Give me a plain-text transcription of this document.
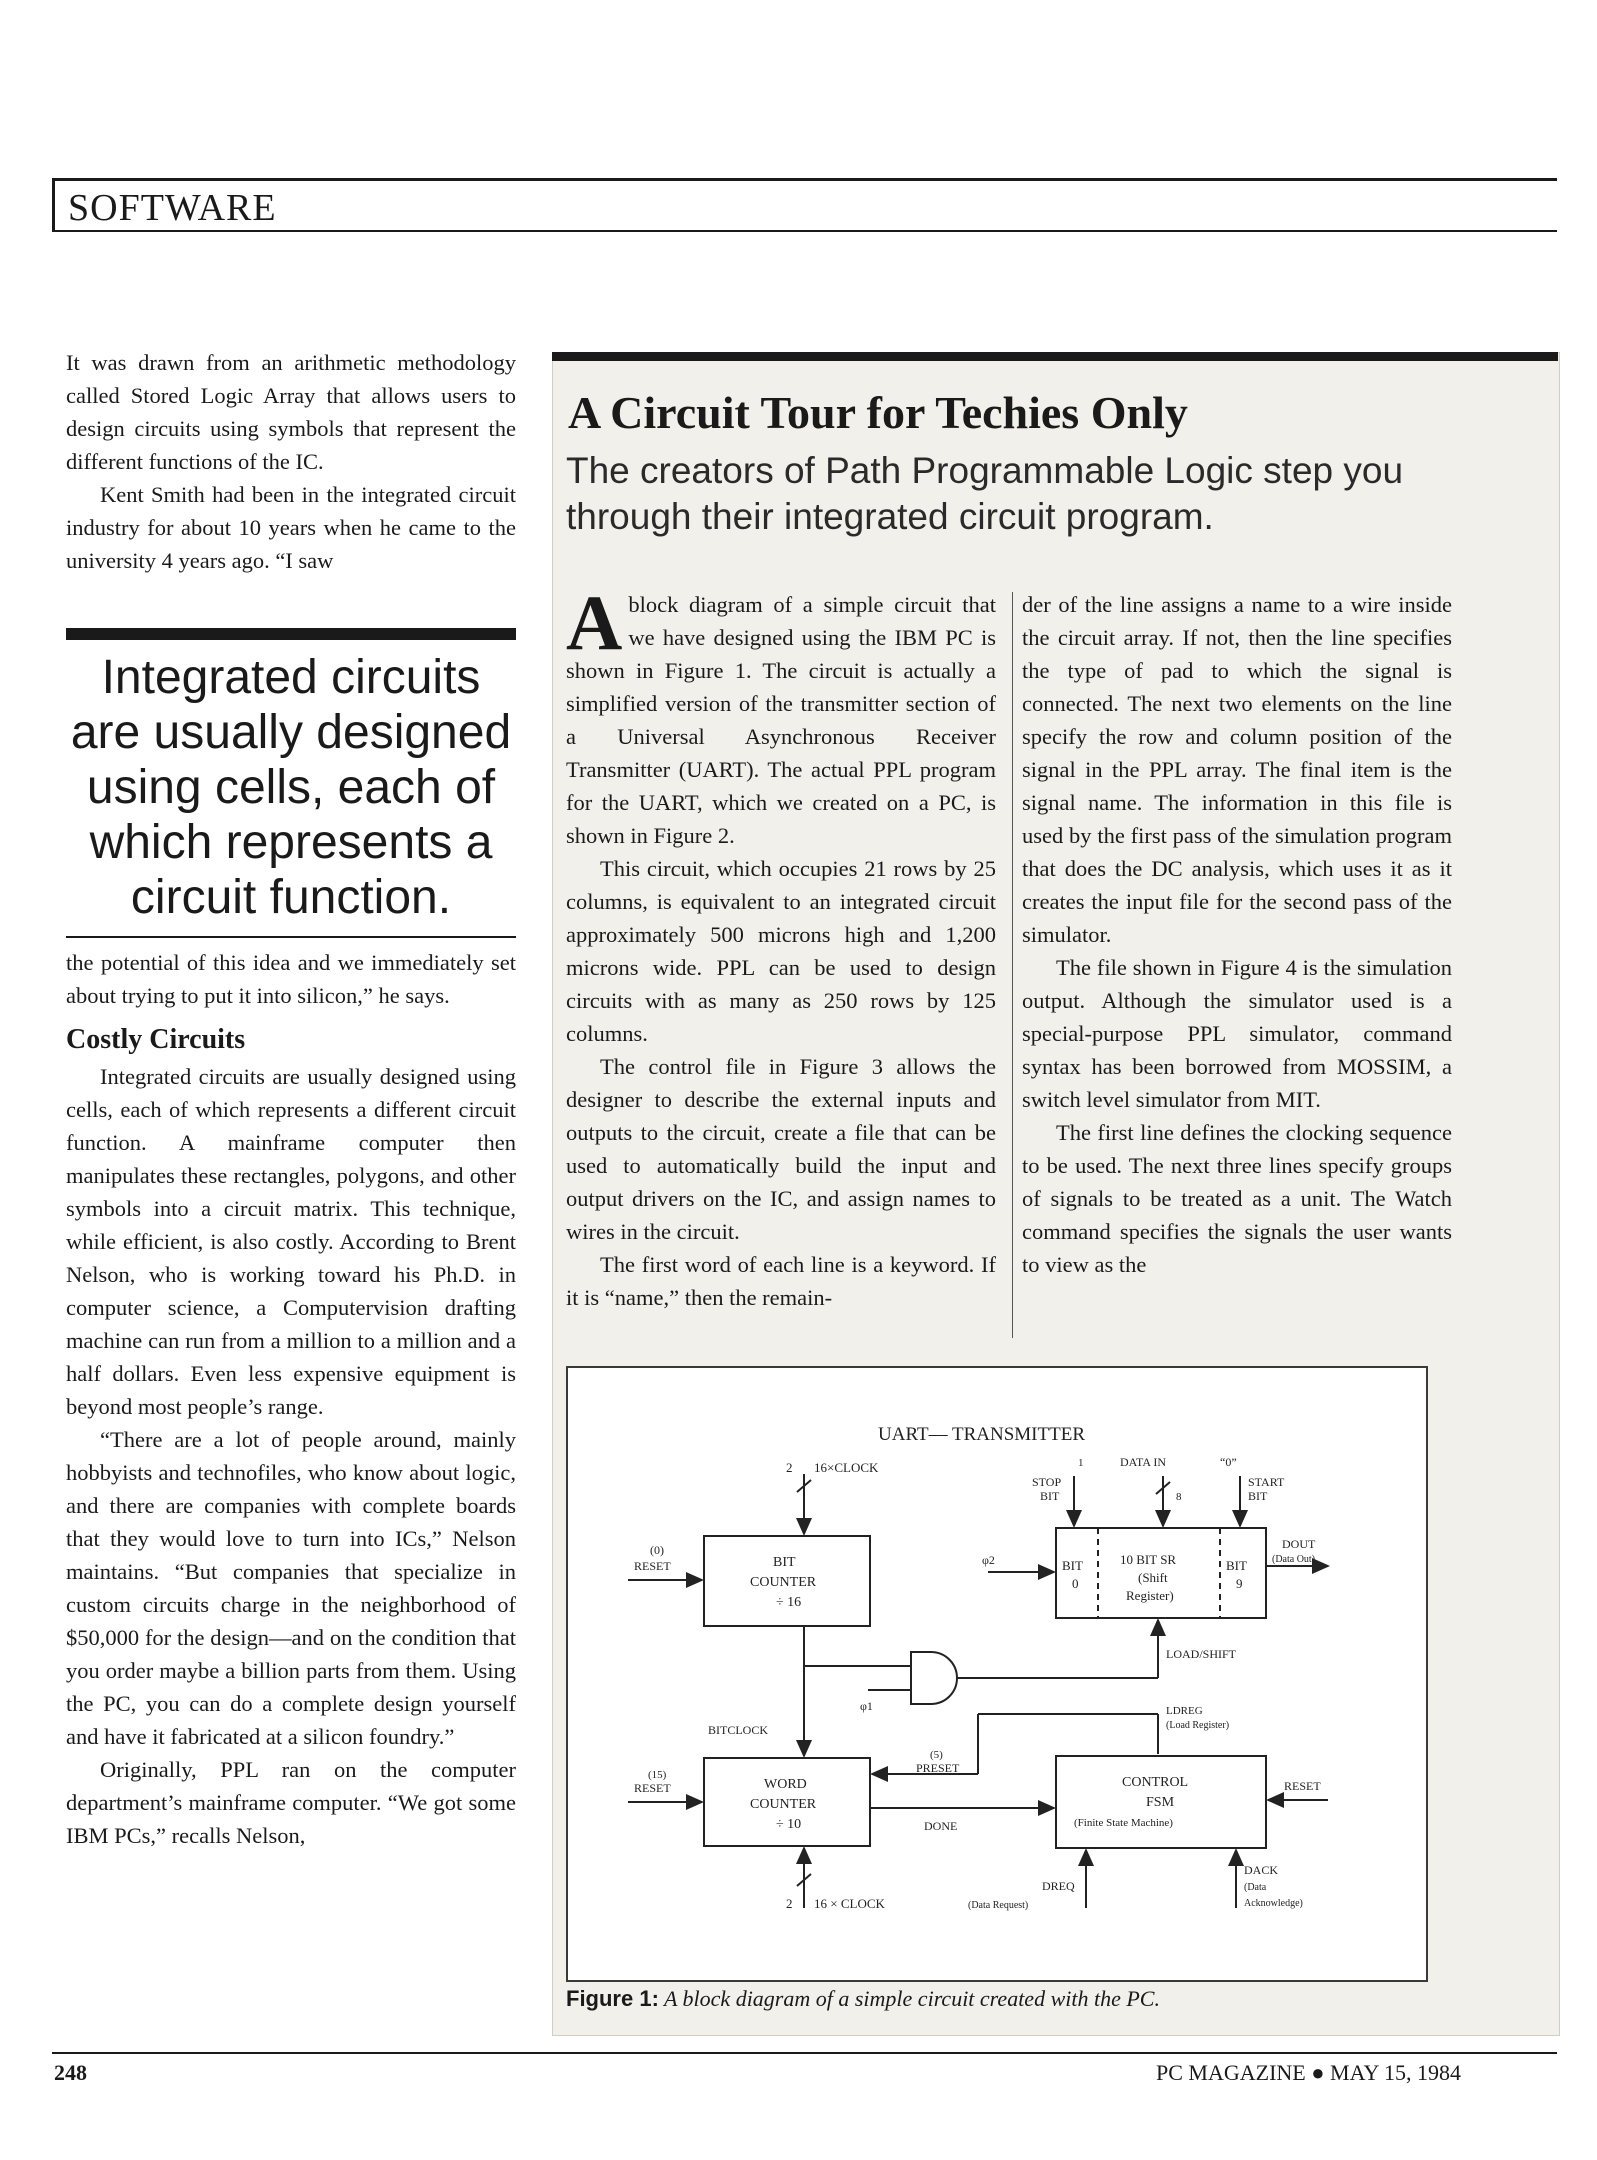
SOFTWARE

It was drawn from an arithmetic methodology called Stored Logic Array that allows users to design circuits using symbols that represent the different functions of the IC.

Kent Smith had been in the integrated circuit industry for about 10 years when he came to the university 4 years ago. “I saw

Integrated circuits are usually designed using cells, each of which represents a circuit function.

the potential of this idea and we immediately set about trying to put it into silicon,” he says.

Costly Circuits

Integrated circuits are usually designed using cells, each of which represents a different circuit function. A mainframe computer then manipulates these rectangles, polygons, and other symbols into a circuit matrix. This technique, while efficient, is also costly. According to Brent Nelson, who is working toward his Ph.D. in computer science, a Computervision drafting machine can run from a million to a million and a half dollars. Even less expensive equipment is beyond most people’s range.

“There are a lot of people around, mainly hobbyists and technofiles, who know about logic, and there are companies with complete boards that they would love to turn into ICs,” Nelson maintains. “But companies that specialize in custom circuits charge in the neighborhood of $50,000 for the design—and on the condition that you order maybe a billion parts from them. Using the PC, you can do a complete design yourself and have it fabricated at a silicon foundry.”

Originally, PPL ran on the computer department’s mainframe computer. “We got some IBM PCs,” recalls Nelson,

A Circuit Tour for Techies Only
The creators of Path Programmable Logic step you through their integrated circuit program.

Ablock diagram of a simple circuit that we have designed using the IBM PC is shown in Figure 1. The circuit is actually a simplified version of the transmitter section of a Universal Asynchronous Receiver Transmitter (UART). The actual PPL program for the UART, which we created on a PC, is shown in Figure 2.

This circuit, which occupies 21 rows by 25 columns, is equivalent to an integrated circuit approximately 500 microns high and 1,200 microns wide. PPL can be used to design circuits with as many as 250 rows by 125 columns.

The control file in Figure 3 allows the designer to describe the external inputs and outputs to the circuit, create a file that can be used to automatically build the input and output drivers on the IC, and assign names to wires in the circuit.

The first word of each line is a keyword. If it is “name,” then the remain-

der of the line assigns a name to a wire inside the circuit array. If not, then the line specifies the type of pad to which the signal is connected. The next two elements on the line specify the row and column position of the signal in the PPL array. The final item is the signal name. The information in this file is used by the first pass of the simulation program that does the DC analysis, which uses it as it creates the input file for the second pass of the simulator.

The file shown in Figure 4 is the simulation output. Although the simulator used is a special-purpose PPL simulator, command syntax has been borrowed from MOSSIM, a switch level simulator from MIT.

The first line defines the clocking sequence to be used. The next three lines specify groups of signals to be treated as a unit. The Watch command specifies the signals the user wants to view as the

UART— TRANSMITTER
2 16×CLOCK
(0)
RESET	BIT
COUNTER
÷ 16
STOP
BIT
1	DATA IN
8
“0”
START
BIT
φ2
φ1
BIT
0
10 BIT SR
(Shift
Register)
BIT
9
DOUT
(Data Out)
LOAD/SHIFT
LDREG
(Load Register)
BITCLOCK
(5)
PRESET
(15)
RESET	WORD
COUNTER
÷ 10
CONTROL
FSM
(Finite State Machine)
RESET
DONE
2 16 × CLOCK
DREQ
(Data Request)
DACK
(Data
Acknowledge)
Figure 1: A block diagram of a simple circuit created with the PC.
248	PC MAGAZINE ● MAY 15, 1984
